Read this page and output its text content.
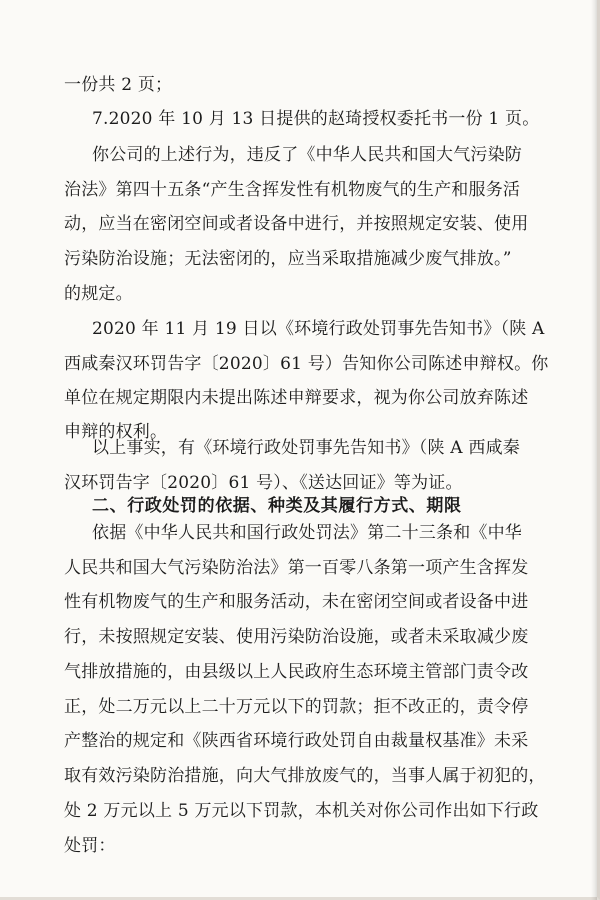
一份共 2 页；
7.2020 年 10 月 13 日提供的赵琦授权委托书一份 1 页。
你公司的上述行为，违反了《中华人民共和国大气污染防
治法》第四十五条“产生含挥发性有机物废气的生产和服务活
动，应当在密闭空间或者设备中进行，并按照规定安装、使用
污染防治设施；无法密闭的，应当采取措施减少废气排放。”
的规定。
2020 年 11 月 19 日以《环境行政处罚事先告知书》（陕 A
西咸秦汉环罚告字〔2020〕61 号）告知你公司陈述申辩权。你
单位在规定期限内未提出陈述申辩要求，视为你公司放弃陈述
申辩的权利。
以上事实，有《环境行政处罚事先告知书》（陕 A 西咸秦
汉环罚告字〔2020〕61 号）、《送达回证》等为证。
二、行政处罚的依据、种类及其履行方式、期限
依据《中华人民共和国行政处罚法》第二十三条和《中华
人民共和国大气污染防治法》第一百零八条第一项产生含挥发
性有机物废气的生产和服务活动，未在密闭空间或者设备中进
行，未按照规定安装、使用污染防治设施，或者未采取减少废
气排放措施的，由县级以上人民政府生态环境主管部门责令改
正，处二万元以上二十万元以下的罚款；拒不改正的，责令停
产整治的规定和《陕西省环境行政处罚自由裁量权基准》未采
取有效污染防治措施，向大气排放废气的，当事人属于初犯的，
处 2 万元以上 5 万元以下罚款，本机关对你公司作出如下行政
处罚：
